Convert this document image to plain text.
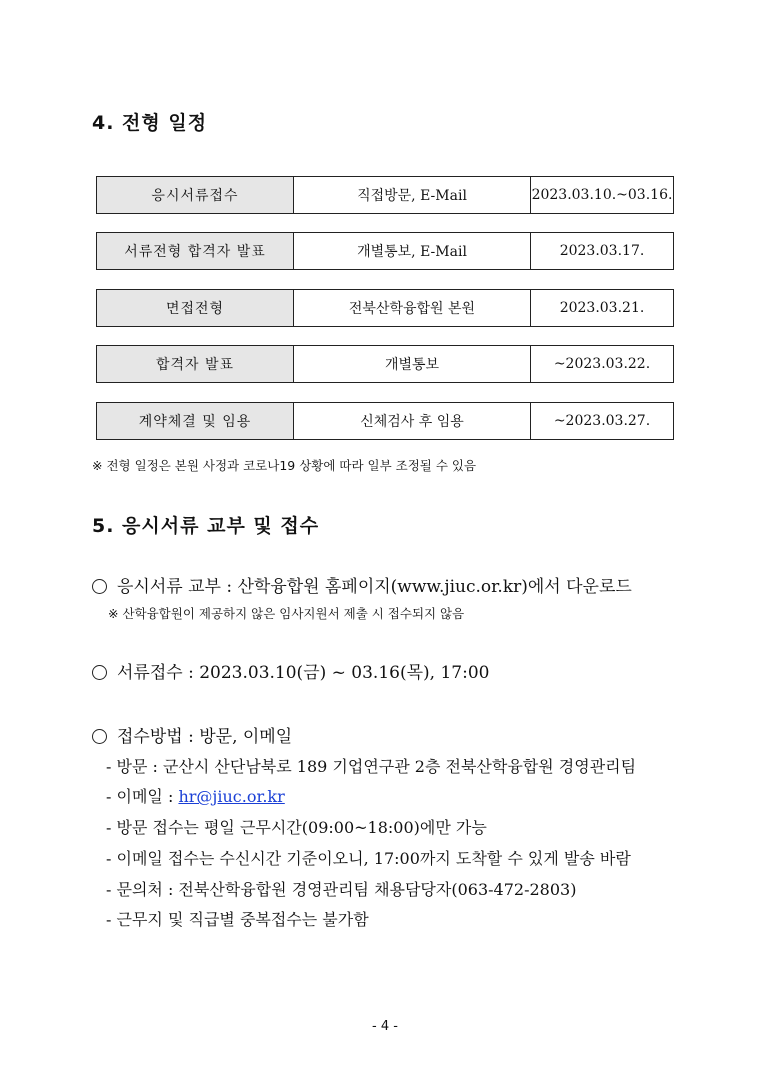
4. 전형 일정
응시서류접수	직접방문, E-Mail	2023.03.10.~03.16.
서류전형 합격자 발표	개별통보, E-Mail	2023.03.17.
면접전형	전북산학융합원 본원	2023.03.21.
합격자 발표	개별통보	~2023.03.22.
계약체결 및 임용	신체검사 후 임용	~2023.03.27.
※ 전형 일정은 본원 사정과 코로나19 상황에 따라 일부 조정될 수 있음
5. 응시서류 교부 및 접수
응시서류 교부 : 산학융합원 홈페이지(www.jiuc.or.kr)에서 다운로드
※ 산학융합원이 제공하지 않은 임사지원서 제출 시 접수되지 않음
서류접수 : 2023.03.10(금) ~ 03.16(목), 17:00
접수방법 : 방문, 이메일
- 방문 : 군산시 산단남북로 189 기업연구관 2층 전북산학융합원 경영관리팀
- 이메일 : hr@jiuc.or.kr
- 방문 접수는 평일 근무시간(09:00~18:00)에만 가능
- 이메일 접수는 수신시간 기준이오니, 17:00까지 도착할 수 있게 발송 바람
- 문의처 : 전북산학융합원 경영관리팀 채용담당자(063-472-2803)
- 근무지 및 직급별 중복접수는 불가함
- 4 -
